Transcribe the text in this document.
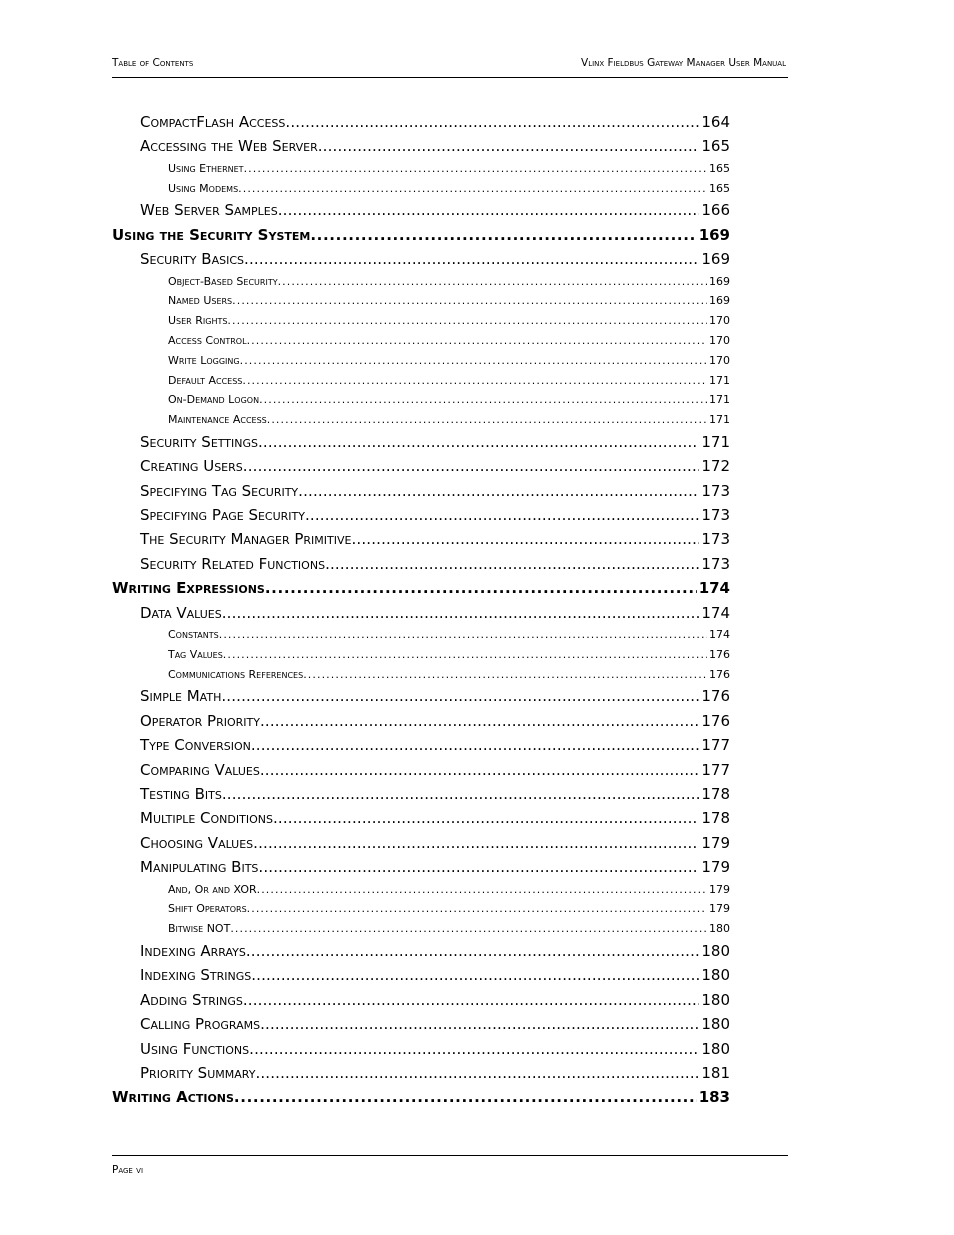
Table of Contents	Vlinx Fieldbus Gateway Manager User Manual
CompactFlash Access . . .	164
Accessing the Web Server . . .	165
Using Ethernet . . .	165
Using Modems . . .	165
Web Server Samples . . .	166
Using the Security System . . .	169
Security Basics . . .	169
Object-Based Security . . .	169
Named Users . . .	169
User Rights . . .	170
Access Control . . .	170
Write Logging . . .	170
Default Access . . .	171
On-Demand Logon . . .	171
Maintenance Access . . .	171
Security Settings . . .	171
Creating Users . . .	172
Specifying Tag Security . . .	173
Specifying Page Security . . .	173
The Security Manager Primitive . . .	173
Security Related Functions . . .	173
Writing Expressions . . .	174
Data Values . . .	174
Constants . . .	174
Tag Values . . .	176
Communications References . . .	176
Simple Math . . .	176
Operator Priority . . .	176
Type Conversion . . .	177
Comparing Values . . .	177
Testing Bits . . .	178
Multiple Conditions . . .	178
Choosing Values . . .	179
Manipulating Bits . . .	179
And, Or and XOR . . .	179
Shift Operators . . .	179
Bitwise NOT . . .	180
Indexing Arrays . . .	180
Indexing Strings . . .	180
Adding Strings . . .	180
Calling Programs . . .	180
Using Functions . . .	180
Priority Summary . . .	181
Writing Actions . . .	183
Page vi
